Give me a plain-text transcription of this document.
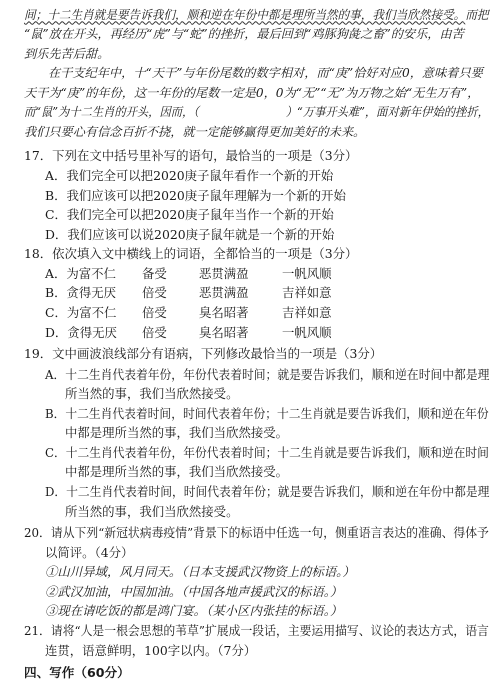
间；十二生肖就是要告诉我们，顺和逆在年份中都是理所当然的事，我们当欣然接受。而把
“鼠”放在开头，再经历“虎”与“蛇”的挫折，最后回到“鸡豚狗彘之畜”的安乐，由苦
到乐先苦后甜。
在干支纪年中，十“天干”与年份尾数的数字相对，而“庚”恰好对应0，意味着只要
天干为“庚”的年份，这一年份的尾数一定是0，0为“无”“无”为万物之始“无生万有”，
而“鼠”为十二生肖的开头，因而，（	）“万事开头难”，面对新年伊始的挫折，
我们只要心有信念百折不挠，就一定能够赢得更加美好的未来。
17．下列在文中括号里补写的语句，最恰当的一项是（3分）
A．我们完全可以把2020庚子鼠年看作一个新的开始
B．我们应该可以把2020庚子鼠年理解为一个新的开始
C．我们完全可以把2020庚子鼠年当作一个新的开始
D．我们应该可以说2020庚子鼠年就是一个新的开始
18．依次填入文中横线上的词语，全都恰当的一项是（3分）
A．为富不仁 备受	恶贯满盈	一帆风顺
B．贪得无厌 倍受	恶贯满盈	吉祥如意
C．为富不仁 倍受	臭名昭著	吉祥如意
D．贪得无厌 倍受	臭名昭著	一帆风顺
19．文中画波浪线部分有语病，下列修改最恰当的一项是（3分）
A．十二生肖代表着年份，年份代表着时间；就是要告诉我们，顺和逆在时间中都是理
所当然的事，我们当欣然接受。
B．十二生肖代表着时间，时间代表着年份；十二生肖就是要告诉我们，顺和逆在年份
中都是理所当然的事，我们当欣然接受。
C．十二生肖代表着年份，年份代表着时间；十二生肖就是要告诉我们，顺和逆在时间
中都是理所当然的事，我们当欣然接受。
D．十二生肖代表着时间，时间代表着年份；就是要告诉我们，顺和逆在年份中都是理
所当然的事，我们当欣然接受。
20．请从下列“新冠状病毒疫情”背景下的标语中任选一句，侧重语言表达的准确、得体予
以简评。（4分）
①山川异域，风月同天。（日本支援武汉物资上的标语。）
②武汉加油，中国加油。（中国各地声援武汉的标语。）
③现在请吃饭的都是鸿门宴。（某小区内张挂的标语。）
21．请将“人是一根会思想的苇草”扩展成一段话，主要运用描写、议论的表达方式，语言
连贯，语意鲜明，100字以内。（7分）
四、写作（60分）
